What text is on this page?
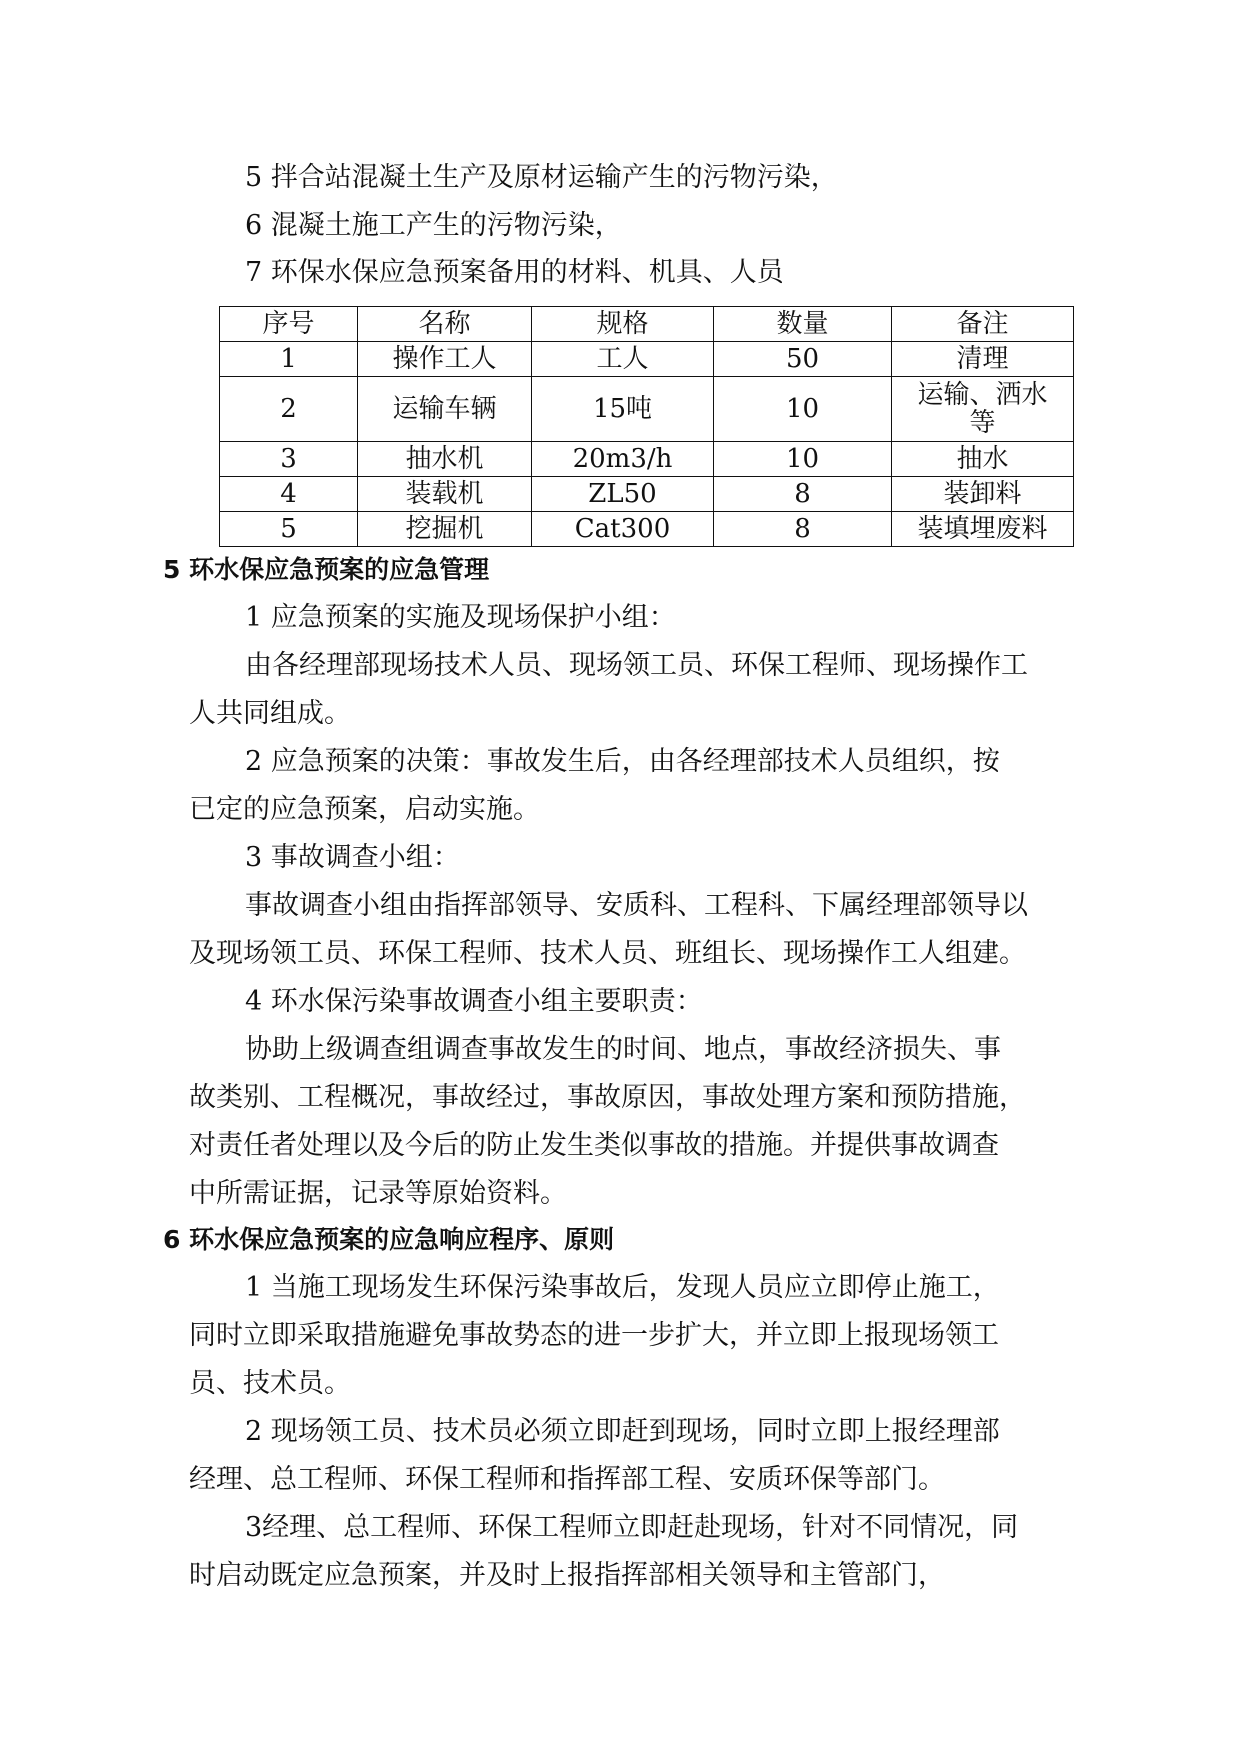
5 拌合站混凝土生产及原材运输产生的污物污染，
6 混凝土施工产生的污物污染，
7 环保水保应急预案备用的材料、机具、人员
序号	名称	规格	数量	备注
1	操作工人	工人	50	清理
2	运输车辆	15吨	10	运输、洒水
等

3	抽水机	20m3/h	10	抽水
4	装载机	ZL50	8	装卸料
5	挖掘机	Cat300	8	装填埋废料
5 环水保应急预案的应急管理
1 应急预案的实施及现场保护小组：
由各经理部现场技术人员、现场领工员、环保工程师、现场操作工
人共同组成。
2 应急预案的决策：事故发生后，由各经理部技术人员组织，按
已定的应急预案，启动实施。
3 事故调查小组：
事故调查小组由指挥部领导、安质科、工程科、下属经理部领导以
及现场领工员、环保工程师、技术人员、班组长、现场操作工人组建。
4 环水保污染事故调查小组主要职责：
协助上级调查组调查事故发生的时间、地点，事故经济损失、事
故类别、工程概况，事故经过，事故原因，事故处理方案和预防措施，
对责任者处理以及今后的防止发生类似事故的措施。并提供事故调查
中所需证据，记录等原始资料。
6 环水保应急预案的应急响应程序、原则
1 当施工现场发生环保污染事故后，发现人员应立即停止施工，
同时立即采取措施避免事故势态的进一步扩大，并立即上报现场领工
员、技术员。
2 现场领工员、技术员必须立即赶到现场，同时立即上报经理部
经理、总工程师、环保工程师和指挥部工程、安质环保等部门。
3经理、总工程师、环保工程师立即赶赴现场，针对不同情况，同
时启动既定应急预案，并及时上报指挥部相关领导和主管部门，
